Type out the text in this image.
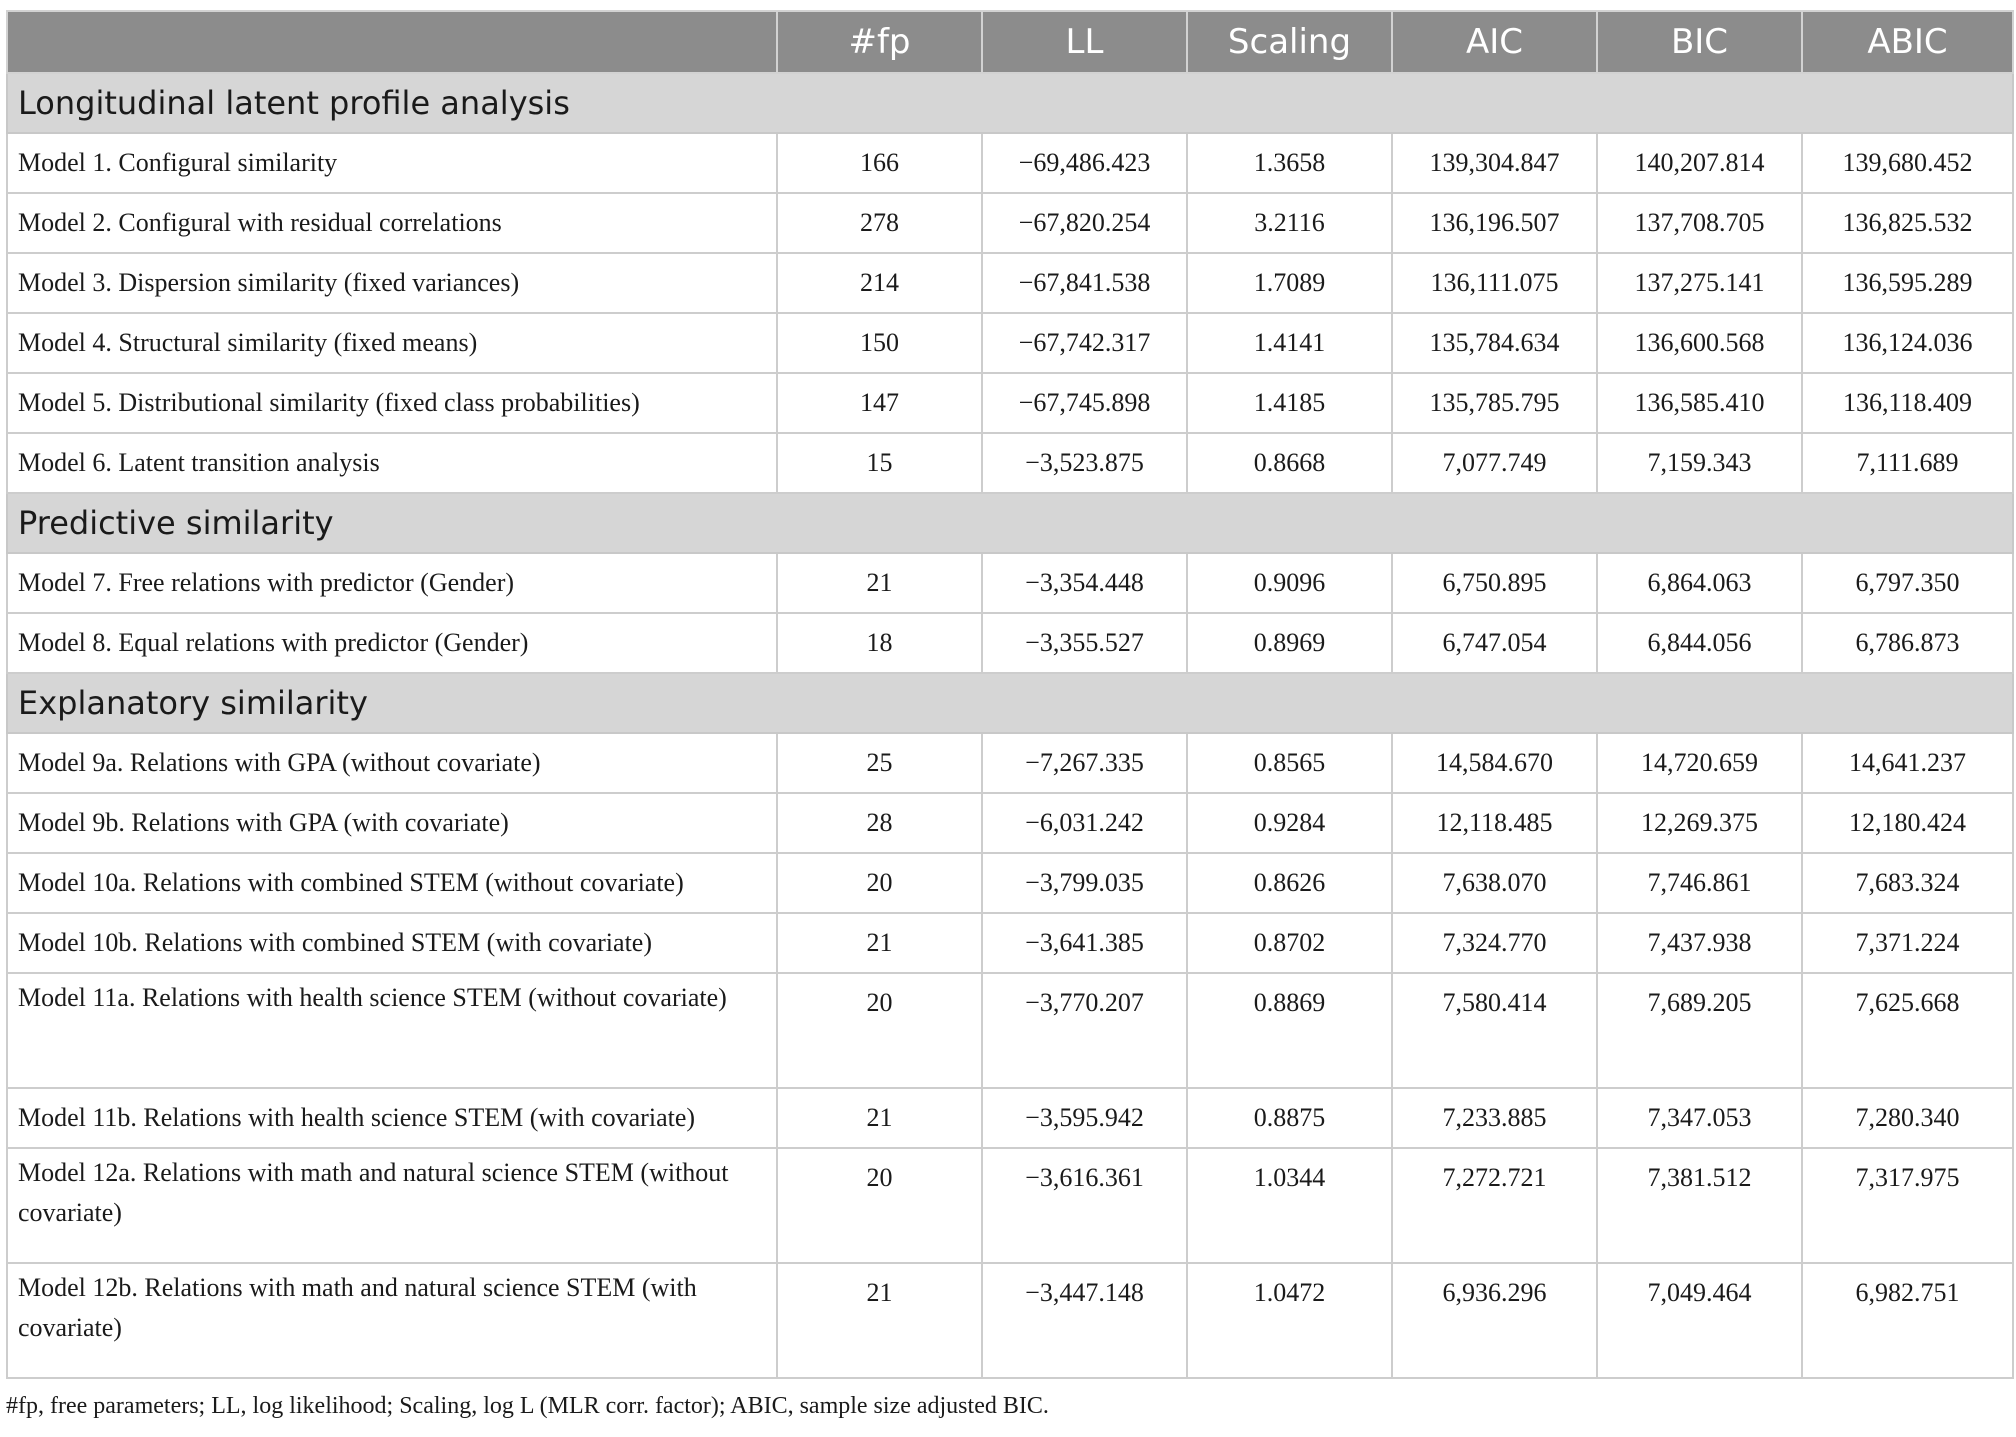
	#fp	LL	Scaling	AIC	BIC	ABIC
Longitudinal latent profile analysis						
Model 1. Configural similarity	166	−69,486.423	1.3658	139,304.847	140,207.814	139,680.452
Model 2. Configural with residual correlations	278	−67,820.254	3.2116	136,196.507	137,708.705	136,825.532
Model 3. Dispersion similarity (fixed variances)	214	−67,841.538	1.7089	136,111.075	137,275.141	136,595.289
Model 4. Structural similarity (fixed means)	150	−67,742.317	1.4141	135,784.634	136,600.568	136,124.036
Model 5. Distributional similarity (fixed class probabilities)	147	−67,745.898	1.4185	135,785.795	136,585.410	136,118.409
Model 6. Latent transition analysis	15	−3,523.875	0.8668	7,077.749	7,159.343	7,111.689
Predictive similarity						
Model 7. Free relations with predictor (Gender)	21	−3,354.448	0.9096	6,750.895	6,864.063	6,797.350
Model 8. Equal relations with predictor (Gender)	18	−3,355.527	0.8969	6,747.054	6,844.056	6,786.873
Explanatory similarity						
Model 9a. Relations with GPA (without covariate)	25	−7,267.335	0.8565	14,584.670	14,720.659	14,641.237
Model 9b. Relations with GPA (with covariate)	28	−6,031.242	0.9284	12,118.485	12,269.375	12,180.424
Model 10a. Relations with combined STEM (without covariate)	20	−3,799.035	0.8626	7,638.070	7,746.861	7,683.324
Model 10b. Relations with combined STEM (with covariate)	21	−3,641.385	0.8702	7,324.770	7,437.938	7,371.224
Model 11a. Relations with health science STEM (without covariate)	20	−3,770.207	0.8869	7,580.414	7,689.205	7,625.668
Model 11b. Relations with health science STEM (with covariate)	21	−3,595.942	0.8875	7,233.885	7,347.053	7,280.340
Model 12a. Relations with math and natural science STEM (without covariate)	20	−3,616.361	1.0344	7,272.721	7,381.512	7,317.975
Model 12b. Relations with math and natural science STEM (with covariate)	21	−3,447.148	1.0472	6,936.296	7,049.464	6,982.751
#fp, free parameters; LL, log likelihood; Scaling, log L (MLR corr. factor); ABIC, sample size adjusted BIC.
